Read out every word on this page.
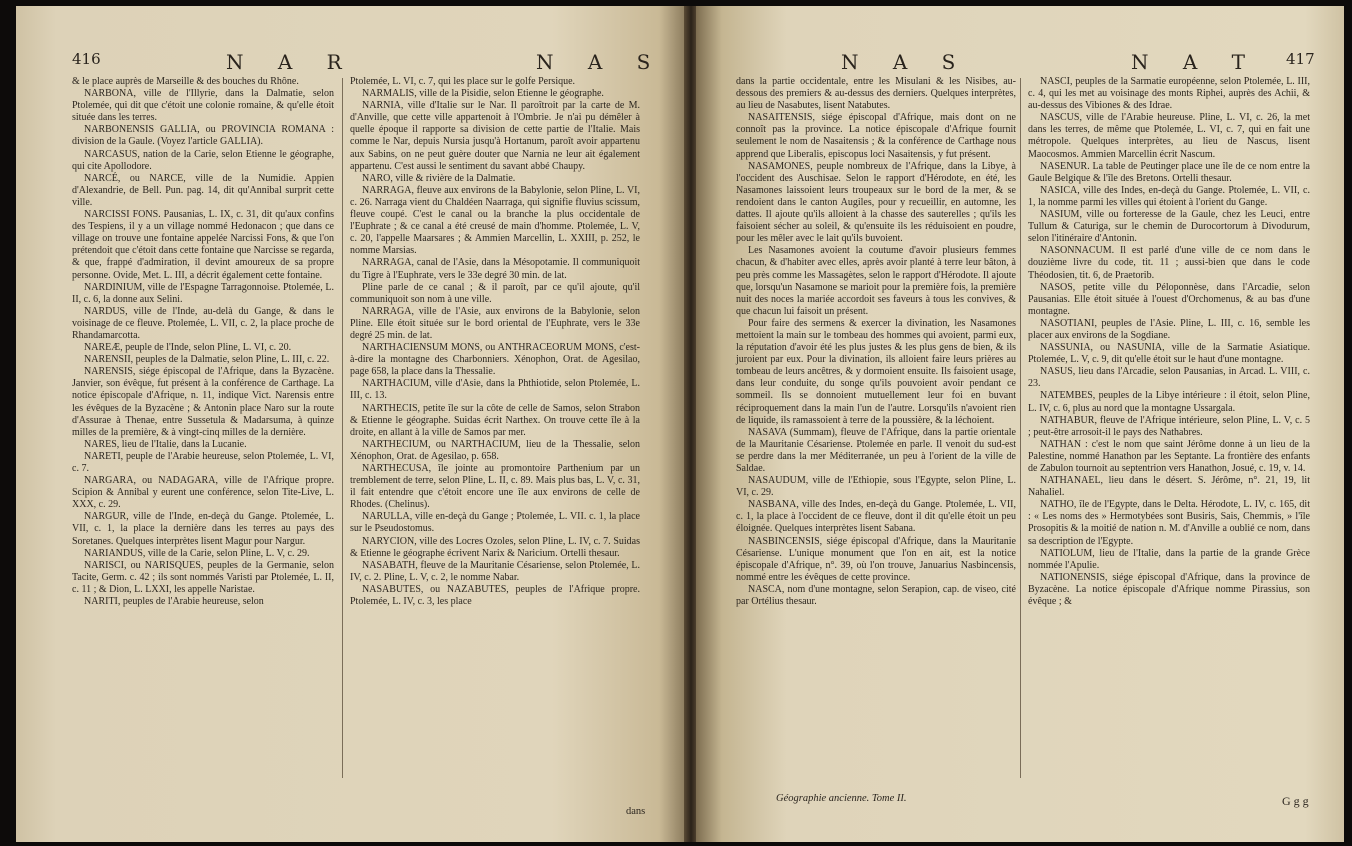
416	N A R	N A S

& le place auprès de Marseille & des bouches du Rhône.

NARBONA, ville de l'Illyrie, dans la Dalmatie, selon Ptolemée, qui dit que c'étoit une colonie romaine, & qu'elle étoit située dans les terres.

NARBONENSIS GALLIA, ou PROVINCIA ROMANA : division de la Gaule. (Voyez l'article GALLIA).

NARCASUS, nation de la Carie, selon Etienne le géographe, qui cite Apollodore.

NARCÉ, ou NARCE, ville de la Numidie. Appien d'Alexandrie, de Bell. Pun. pag. 14, dit qu'Annibal surprit cette ville.

NARCISSI FONS. Pausanias, L. IX, c. 31, dit qu'aux confins des Tespiens, il y a un village nommé Hedonacon ; que dans ce village on trouve une fontaine appelée Narcissi Fons, & que l'on prétendoit que c'étoit dans cette fontaine que Narcisse se regarda, & que, frappé d'admiration, il devint amoureux de sa propre personne. Ovide, Met. L. III, a décrit également cette fontaine.

NARDINIUM, ville de l'Espagne Tarragonnoise. Ptolemée, L. II, c. 6, la donne aux Selini.

NARDUS, ville de l'Inde, au-delà du Gange, & dans le voisinage de ce fleuve. Ptolemée, L. VII, c. 2, la place proche de Rhandamarcotta.

NAREÆ, peuple de l'Inde, selon Pline, L. VI, c. 20.

NARENSII, peuples de la Dalmatie, selon Pline, L. III, c. 22.

NARENSIS, siége épiscopal de l'Afrique, dans la Byzacène. Janvier, son évêque, fut présent à la conférence de Carthage. La notice épiscopale d'Afrique, n. 11, indique Vict. Narensis entre les évêques de la Byzacène ; & Antonin place Naro sur la route d'Assurae à Thenae, entre Sussetula & Madarsuma, à quinze milles de la première, & à vingt-cinq milles de la dernière.

NARES, lieu de l'Italie, dans la Lucanie.

NARETI, peuple de l'Arabie heureuse, selon Ptolemée, L. VI, c. 7.

NARGARA, ou NADAGARA, ville de l'Afrique propre. Scipion & Annibal y eurent une conférence, selon Tite-Live, L. XXX, c. 29.

NARGUR, ville de l'Inde, en-deçà du Gange. Ptolemée, L. VII, c. 1, la place la dernière dans les terres au pays des Soretanes. Quelques interprètes lisent Magur pour Nargur.

NARIANDUS, ville de la Carie, selon Pline, L. V, c. 29.

NARISCI, ou NARISQUES, peuples de la Germanie, selon Tacite, Germ. c. 42 ; ils sont nommés Varisti par Ptolemée, L. II, c. 11 ; & Dion, L. LXXI, les appelle Naristae.

NARITI, peuples de l'Arabie heureuse, selon

Ptolemée, L. VI, c. 7, qui les place sur le golfe Persique.

NARMALIS, ville de la Pisidie, selon Etienne le géographe.

NARNIA, ville d'Italie sur le Nar. Il paroîtroit par la carte de M. d'Anville, que cette ville appartenoit à l'Ombrie. Je n'ai pu démêler à quelle époque il rapporte sa division de cette partie de l'Italie. Mais comme le Nar, depuis Nursia jusqu'à Hortanum, paroît avoir appartenu aux Sabins, on ne peut guère douter que Narnia ne leur ait également appartenu. C'est aussi le sentiment du savant abbé Chaupy.

NARO, ville & rivière de la Dalmatie.

NARRAGA, fleuve aux environs de la Babylonie, selon Pline, L. VI, c. 26. Narraga vient du Chaldéen Naarraga, qui signifie fluvius scissum, fleuve coupé. C'est le canal ou la branche la plus occidentale de l'Euphrate ; & ce canal a été creusé de main d'homme. Ptolemée, L. V, c. 20, l'appelle Maarsares ; & Ammien Marcellin, L. XXIII, p. 252, le nomme Marsias.

NARRAGA, canal de l'Asie, dans la Mésopotamie. Il communiquoit du Tigre à l'Euphrate, vers le 33e degré 30 min. de lat.

Pline parle de ce canal ; & il paroît, par ce qu'il ajoute, qu'il communiquoit son nom à une ville.

NARRAGA, ville de l'Asie, aux environs de la Babylonie, selon Pline. Elle étoit située sur le bord oriental de l'Euphrate, vers le 33e degré 25 min. de lat.

NARTHACIENSUM MONS, ou ANTHRACEORUM MONS, c'est-à-dire la montagne des Charbonniers. Xénophon, Orat. de Agesilao, page 658, la place dans la Thessalie.

NARTHACIUM, ville d'Asie, dans la Phthiotide, selon Ptolemée, L. III, c. 13.

NARTHECIS, petite île sur la côte de celle de Samos, selon Strabon & Etienne le géographe. Suidas écrit Narthex. On trouve cette île à la droite, en allant à la ville de Samos par mer.

NARTHECIUM, ou NARTHACIUM, lieu de la Thessalie, selon Xénophon, Orat. de Agesilao, p. 658.

NARTHECUSA, île jointe au promontoire Parthenium par un tremblement de terre, selon Pline, L. II, c. 89. Mais plus bas, L. V, c. 31, il fait entendre que c'étoit encore une île aux environs de celle de Rhodes. (Chelinus).

NARULLA, ville en-deçà du Gange ; Ptolemée, L. VII. c. 1, la place sur le Pseudostomus.

NARYCION, ville des Locres Ozoles, selon Pline, L. IV, c. 7. Suidas & Etienne le géographe écrivent Narix & Naricium. Ortelli thesaur.

NASABATH, fleuve de la Mauritanie Césariense, selon Ptolemée, L. IV, c. 2. Pline, L. V, c. 2, le nomme Nabar.

NASABUTES, ou NAZABUTES, peuples de l'Afrique propre. Ptolemée, L. IV, c. 3, les place

dans
N A S	N A T 417

dans la partie occidentale, entre les Misulani & les Nisibes, au-dessous des premiers & au-dessus des derniers. Quelques interprètes, au lieu de Nasabutes, lisent Natabutes.

NASAITENSIS, siége épiscopal d'Afrique, mais dont on ne connoît pas la province. La notice épiscopale d'Afrique fournit seulement le nom de Nasaitensis ; & la conférence de Carthage nous apprend que Liberalis, episcopus loci Nasaitensis, y fut présent.

NASAMONES, peuple nombreux de l'Afrique, dans la Libye, à l'occident des Auschisae. Selon le rapport d'Hérodote, en été, les Nasamones laissoient leurs troupeaux sur le bord de la mer, & se rendoient dans le canton Augiles, pour y recueillir, en automne, les dattes. Il ajoute qu'ils alloient à la chasse des sauterelles ; qu'ils les faisoient sécher au soleil, & qu'ensuite ils les réduisoient en poudre, pour les mêler avec le lait qu'ils buvoient.

Les Nasamones avoient la coutume d'avoir plusieurs femmes chacun, & d'habiter avec elles, après avoir planté à terre leur bâton, à peu près comme les Massagètes, selon le rapport d'Hérodote. Il ajoute que, lorsqu'un Nasamone se marioit pour la première fois, la première nuit des noces la mariée accordoit ses faveurs à tous les convives, & que chacun lui faisoit un présent.

Pour faire des sermens & exercer la divination, les Nasamones mettoient la main sur le tombeau des hommes qui avoient, parmi eux, la réputation d'avoir été les plus justes & les plus gens de bien, & ils juroient par eux. Pour la divination, ils alloient faire leurs prières au tombeau de leurs ancêtres, & y dormoient ensuite. Ils faisoient usage, dans leur conduite, du songe qu'ils pouvoient avoir pendant ce sommeil. Ils se donnoient mutuellement leur foi en buvant réciproquement dans la main l'un de l'autre. Lorsqu'ils n'avoient rien de liquide, ils ramassoient à terre de la poussière, & la léchoient.

NASAVA (Summam), fleuve de l'Afrique, dans la partie orientale de la Mauritanie Césariense. Ptolemée en parle. Il venoit du sud-est se perdre dans la mer Méditerranée, un peu à l'orient de la ville de Saldae.

NASAUDUM, ville de l'Ethiopie, sous l'Egypte, selon Pline, L. VI, c. 29.

NASBANA, ville des Indes, en-deçà du Gange. Ptolemée, L. VII, c. 1, la place à l'occident de ce fleuve, dont il dit qu'elle étoit un peu éloignée. Quelques interprètes lisent Sabana.

NASBINCENSIS, siége épiscopal d'Afrique, dans la Mauritanie Césariense. L'unique monument que l'on en ait, est la notice épiscopale d'Afrique, n°. 39, où l'on trouve, Januarius Nasbincensis, nommé entre les évêques de cette province.

NASCA, nom d'une montagne, selon Serapion, cap. de viseo, cité par Ortélius thesaur.

NASCI, peuples de la Sarmatie européenne, selon Ptolemée, L. III, c. 4, qui les met au voisinage des monts Riphei, auprès des Achii, & au-dessus des Vibiones & des Idrae.

NASCUS, ville de l'Arabie heureuse. Pline, L. VI, c. 26, la met dans les terres, de même que Ptolemée, L. VI, c. 7, qui en fait une métropole. Quelques interprètes, au lieu de Nascus, lisent Maocosmos. Ammien Marcellin écrit Nascum.

NASENUR. La table de Peutinger place une île de ce nom entre la Gaule Belgique & l'île des Bretons. Ortelli thesaur.

NASICA, ville des Indes, en-deçà du Gange. Ptolemée, L. VII, c. 1, la nomme parmi les villes qui étoient à l'orient du Gange.

NASIUM, ville ou forteresse de la Gaule, chez les Leuci, entre Tullum & Caturiga, sur le chemin de Durocortorum à Divodurum, selon l'itinéraire d'Antonin.

NASONNACUM. Il est parlé d'une ville de ce nom dans le douzième livre du code, tit. 11 ; aussi-bien que dans le code Théodosien, tit. 6, de Praetorib.

NASOS, petite ville du Péloponnèse, dans l'Arcadie, selon Pausanias. Elle étoit située à l'ouest d'Orchomenus, & au bas d'une montagne.

NASOTIANI, peuples de l'Asie. Pline, L. III, c. 16, semble les placer aux environs de la Sogdiane.

NASSUNIA, ou NASUNIA, ville de la Sarmatie Asiatique. Ptolemée, L. V, c. 9, dit qu'elle étoit sur le haut d'une montagne.

NASUS, lieu dans l'Arcadie, selon Pausanias, in Arcad. L. VIII, c. 23.

NATEMBES, peuples de la Libye intérieure : il étoit, selon Pline, L. IV, c. 6, plus au nord que la montagne Ussargala.

NATHABUR, fleuve de l'Afrique intérieure, selon Pline, L. V, c. 5 ; peut-être arrosoit-il le pays des Nathabres.

NATHAN : c'est le nom que saint Jérôme donne à un lieu de la Palestine, nommé Hanathon par les Septante. La frontière des enfants de Zabulon tournoit au septentrion vers Hanathon, Josué, c. 19, v. 14.

NATHANAEL, lieu dans le désert. S. Jérôme, n°. 21, 19, lit Nahaliel.

NATHO, île de l'Egypte, dans le Delta. Hérodote, L. IV, c. 165, dit : « Les noms des » Hermotybées sont Busiris, Sais, Chemmis, » l'île Prosopitis & la moitié de nation n. M. d'Anville a oublié ce nom, dans sa description de l'Egypte.

NATIOLUM, lieu de l'Italie, dans la partie de la grande Grèce nommée l'Apulie.

NATIONENSIS, siége épiscopal d'Afrique, dans la province de Byzacène. La notice épiscopale d'Afrique nomme Pirassius, son évêque ; &

Géographie ancienne. Tome II.	G g g
